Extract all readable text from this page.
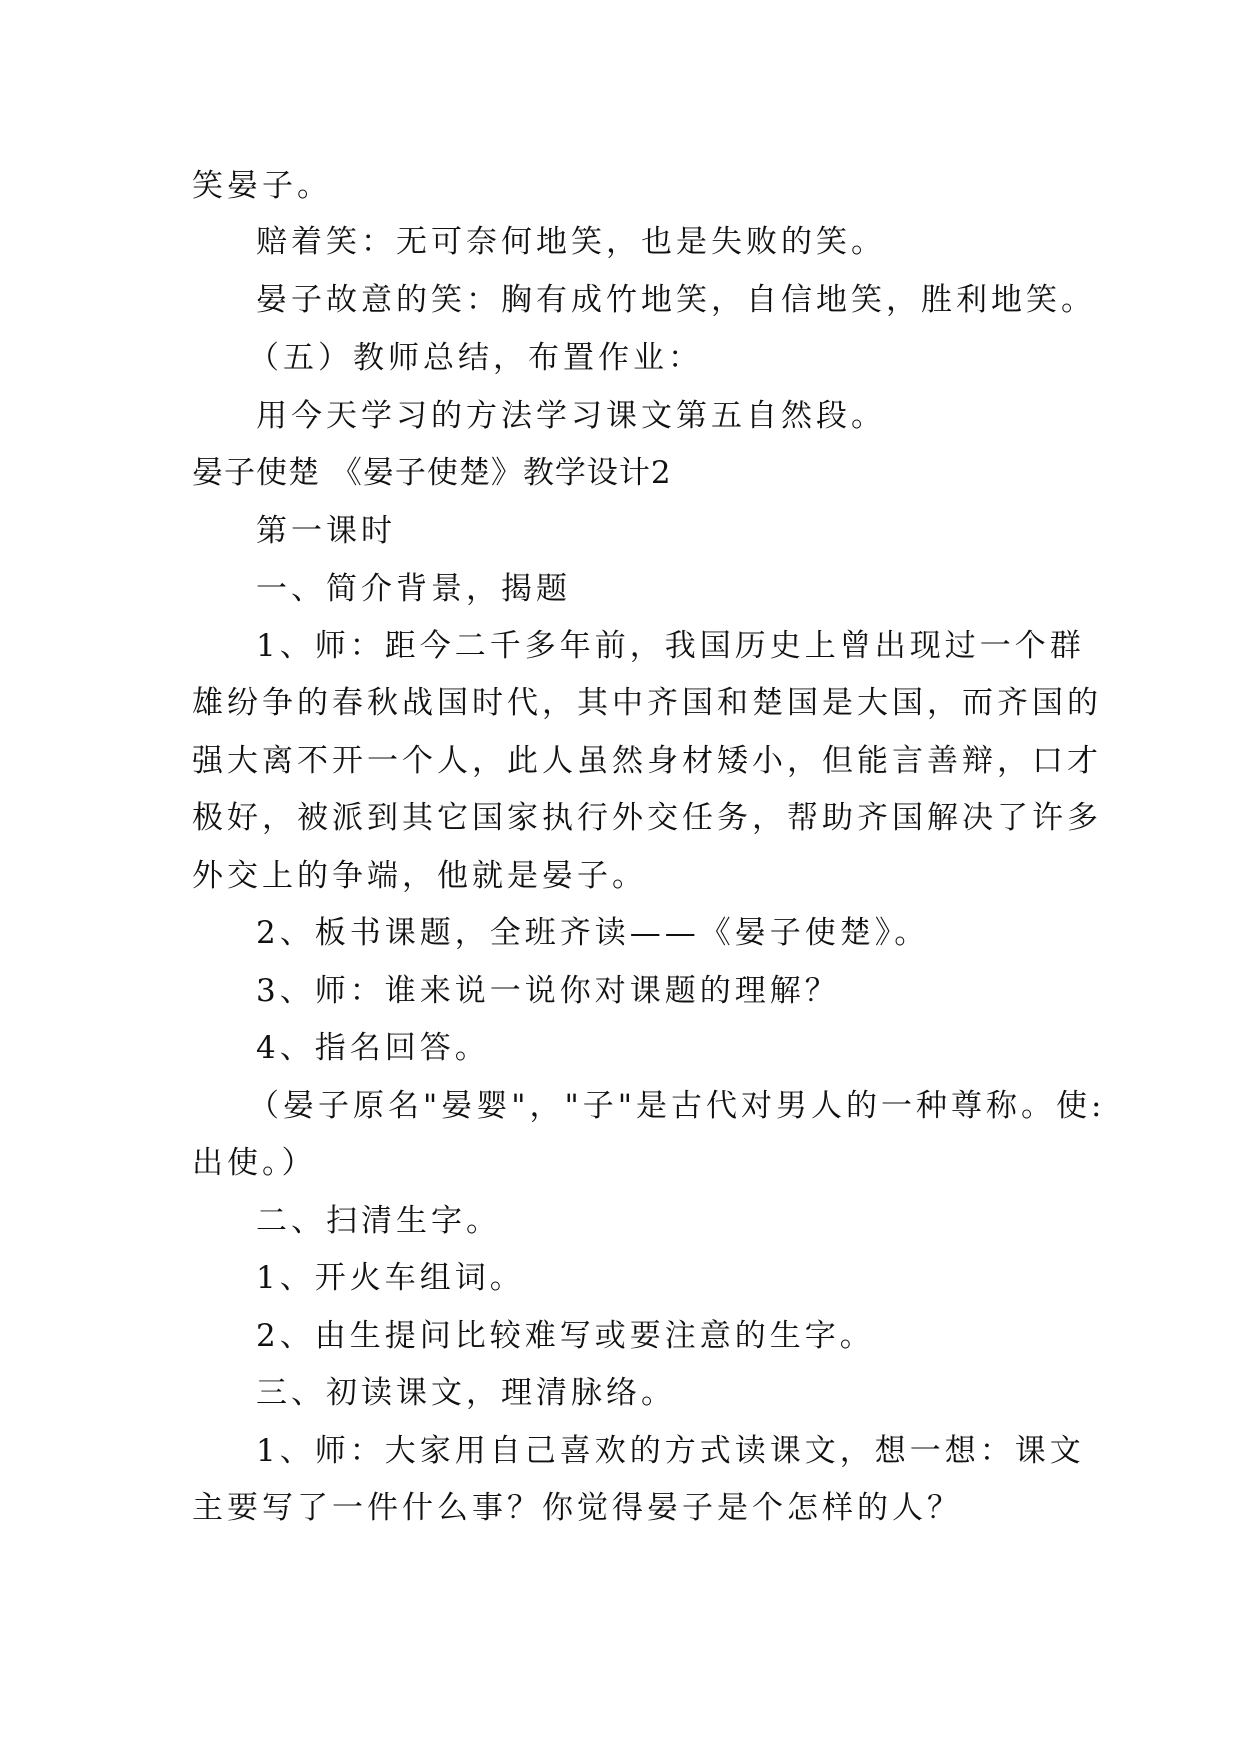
笑晏子。

赔着笑：无可奈何地笑，也是失败的笑。

晏子故意的笑：胸有成竹地笑，自信地笑，胜利地笑。

（五）教师总结，布置作业：

用今天学习的方法学习课文第五自然段。

晏子使楚 《晏子使楚》教学设计2

第一课时

一、简介背景，揭题

1、师：距今二千多年前，我国历史上曾出现过一个群

雄纷争的春秋战国时代，其中齐国和楚国是大国，而齐国的

强大离不开一个人，此人虽然身材矮小，但能言善辩，口才

极好，被派到其它国家执行外交任务，帮助齐国解决了许多

外交上的争端，他就是晏子。

2、板书课题，全班齐读——《晏子使楚》。

3、师：谁来说一说你对课题的理解？

4、指名回答。

（晏子原名"晏婴"，"子"是古代对男人的一种尊称。使:

出使。）

二、扫清生字。

1、开火车组词。

2、由生提问比较难写或要注意的生字。

三、初读课文，理清脉络。

1、师：大家用自己喜欢的方式读课文，想一想：课文

主要写了一件什么事？你觉得晏子是个怎样的人？
